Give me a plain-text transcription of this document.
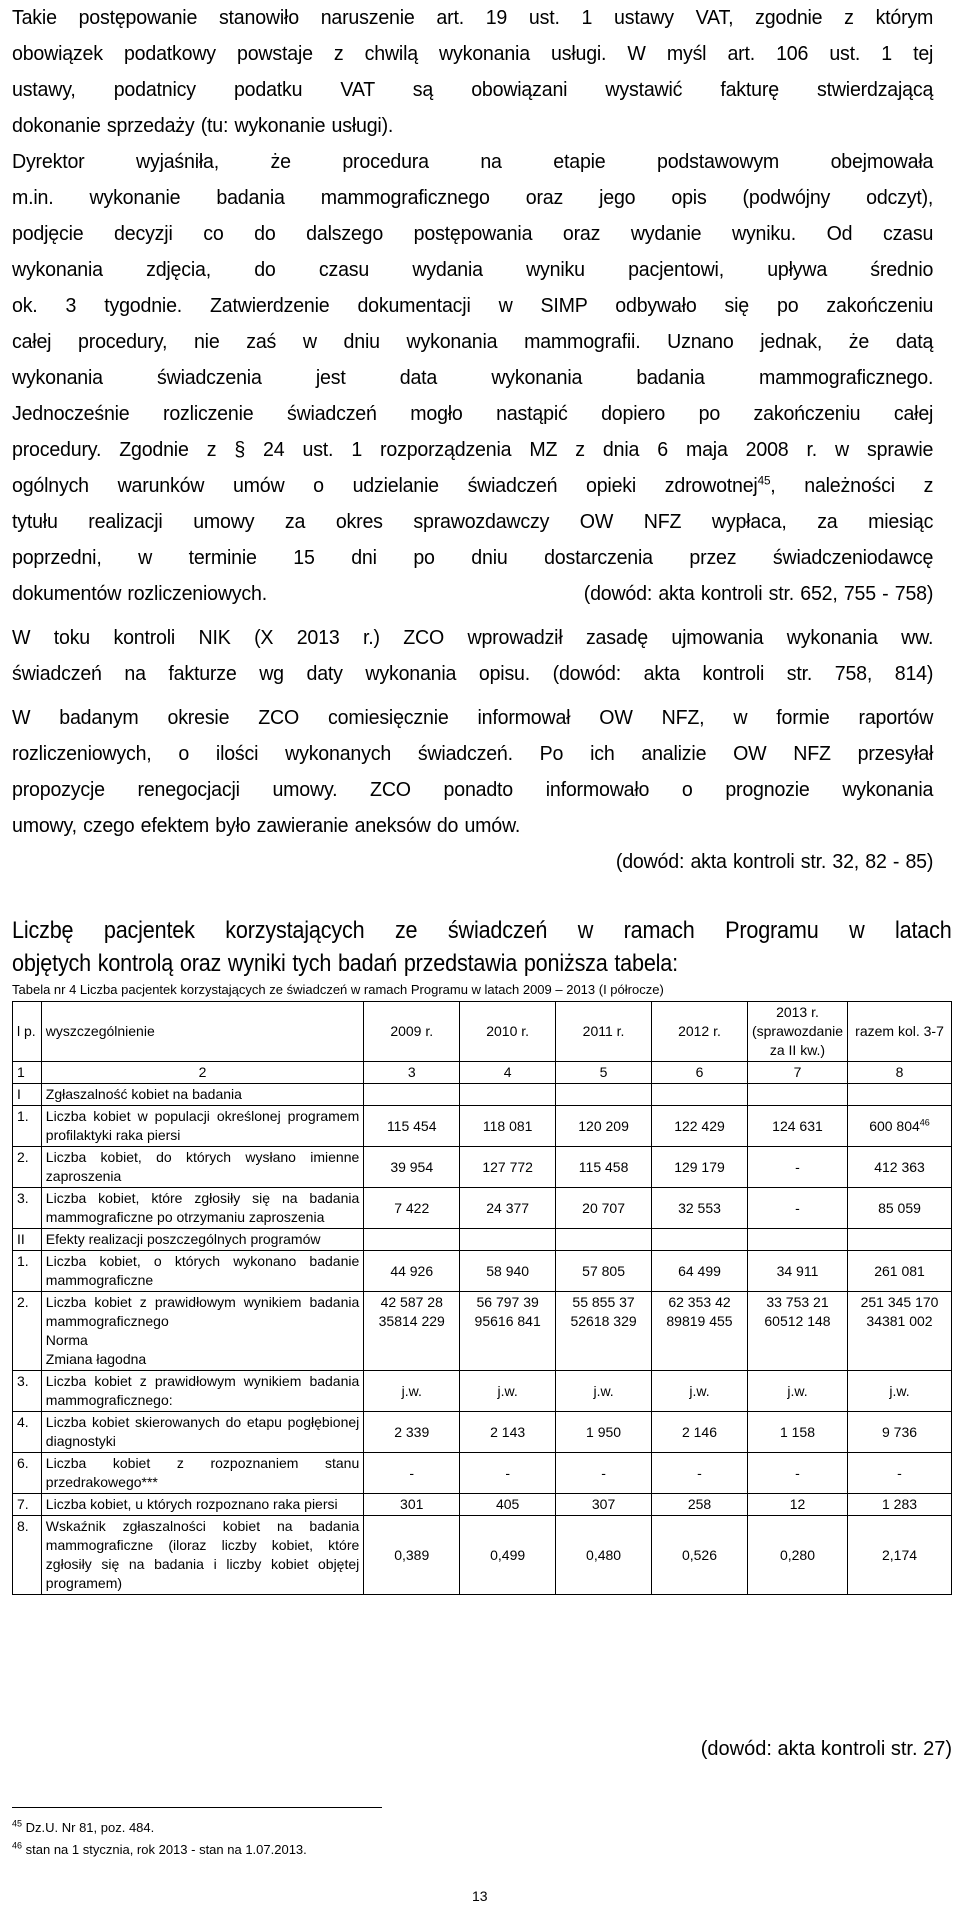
Takie postępowanie stanowiło naruszenie art. 19 ust. 1 ustawy VAT, zgodnie z którym
obowiązek podatkowy powstaje z chwilą wykonania usługi. W myśl art. 106 ust. 1 tej
ustawy, podatnicy podatku VAT są obowiązani wystawić fakturę stwierdzającą
dokonanie sprzedaży (tu: wykonanie usługi).
Dyrektor wyjaśniła, że procedura na etapie podstawowym obejmowała
m.in. wykonanie badania mammograficznego oraz jego opis (podwójny odczyt),
podjęcie decyzji co do dalszego postępowania oraz wydanie wyniku. Od czasu
wykonania zdjęcia, do czasu wydania wyniku pacjentowi, upływa średnio
ok. 3 tygodnie. Zatwierdzenie dokumentacji w SIMP odbywało się po zakończeniu
całej procedury, nie zaś w dniu wykonania mammografii. Uznano jednak, że datą
wykonania świadczenia jest data wykonania badania mammograficznego.
Jednocześnie rozliczenie świadczeń mogło nastąpić dopiero po zakończeniu całej
procedury. Zgodnie z § 24 ust. 1 rozporządzenia MZ z dnia 6 maja 2008 r. w sprawie
ogólnych warunków umów o udzielanie świadczeń opieki zdrowotnej$^{45}$, należności z
tytułu realizacji umowy za okres sprawozdawczy OW NFZ wypłaca, za miesiąc
poprzedni, w terminie 15 dni po dniu dostarczenia przez świadczeniodawcę
dokumentów rozliczeniowych.	(dowód: akta kontroli str. 652, 755 - 758)
W toku kontroli NIK (X 2013 r.) ZCO wprowadził zasadę ujmowania wykonania ww.
świadczeń na fakturze wg daty wykonania opisu. (dowód: akta kontroli str. 758, 814)
W badanym okresie ZCO comiesięcznie informował OW NFZ, w formie raportów
rozliczeniowych, o ilości wykonanych świadczeń. Po ich analizie OW NFZ przesyłał
propozycje renegocjacji umowy. ZCO ponadto informowało o prognozie wykonania
umowy, czego efektem było zawieranie aneksów do umów.
(dowód: akta kontroli str. 32, 82 - 85)
Liczbę pacjentek korzystających ze świadczeń w ramach Programu w latach
objętych kontrolą oraz wyniki tych badań przedstawia poniższa tabela:
Tabela nr 4 Liczba pacjentek korzystających ze świadczeń w ramach Programu w latach 2009 – 2013 (I półrocze)
l p.	wyszczególnienie	2009 r.	2010 r.	2011 r.	2012 r.	2013 r. (sprawozdanie za II kw.)	razem kol. 3-7
1	2	3	4	5	6	7	8
I	Zgłaszalność kobiet na badania						
1.	Liczba kobiet w populacji określonej programem profilaktyki raka piersi	115 454	118 081	120 209	122 429	124 631	600 $804^{46}$
2.	Liczba kobiet, do których wysłano imienne zaproszenia	39 954	127 772	115 458	129 179	-	412 363
3.	Liczba kobiet, które zgłosiły się na badania mammograficzne po otrzymaniu zaproszenia	7 422	24 377	20 707	32 553	-	85 059
II	Efekty realizacji poszczególnych programów						
1.	Liczba kobiet, o których wykonano badanie mammograficzne	44 926	58 940	57 805	64 499	34 911	261 081
2.	Liczba kobiet z prawidłowym wynikiem badania mammograficznego
Norma
Zmiana łagodna	42 587 28 35814 229	56 797 39 95616 841	55 855 37 52618 329	62 353 42 89819 455	33 753 21 60512 148	251 345 170 34381 002
3.	Liczba kobiet z prawidłowym wynikiem badania mammograficznego:	j.w.	j.w.	j.w.	j.w.	j.w.	j.w.
4.	Liczba kobiet skierowanych do etapu pogłębionej diagnostyki	2 339	2 143	1 950	2 146	1 158	9 736
6.	Liczba kobiet z rozpoznaniem stanu przedrakowego***	-	-	-	-	-	-
7.	Liczba kobiet, u których rozpoznano raka piersi	301	405	307	258	12	1 283
8.	Wskaźnik zgłaszalności kobiet na badania mammograficzne (iloraz liczby kobiet, które zgłosiły się na badania i liczby kobiet objętej programem)	0,389	0,499	0,480	0,526	0,280	2,174
(dowód: akta kontroli str. 27)
$^{45}$ Dz.U. Nr 81, poz. 484.
$^{46}$ stan na 1 stycznia, rok 2013 - stan na 1.07.2013.
13
